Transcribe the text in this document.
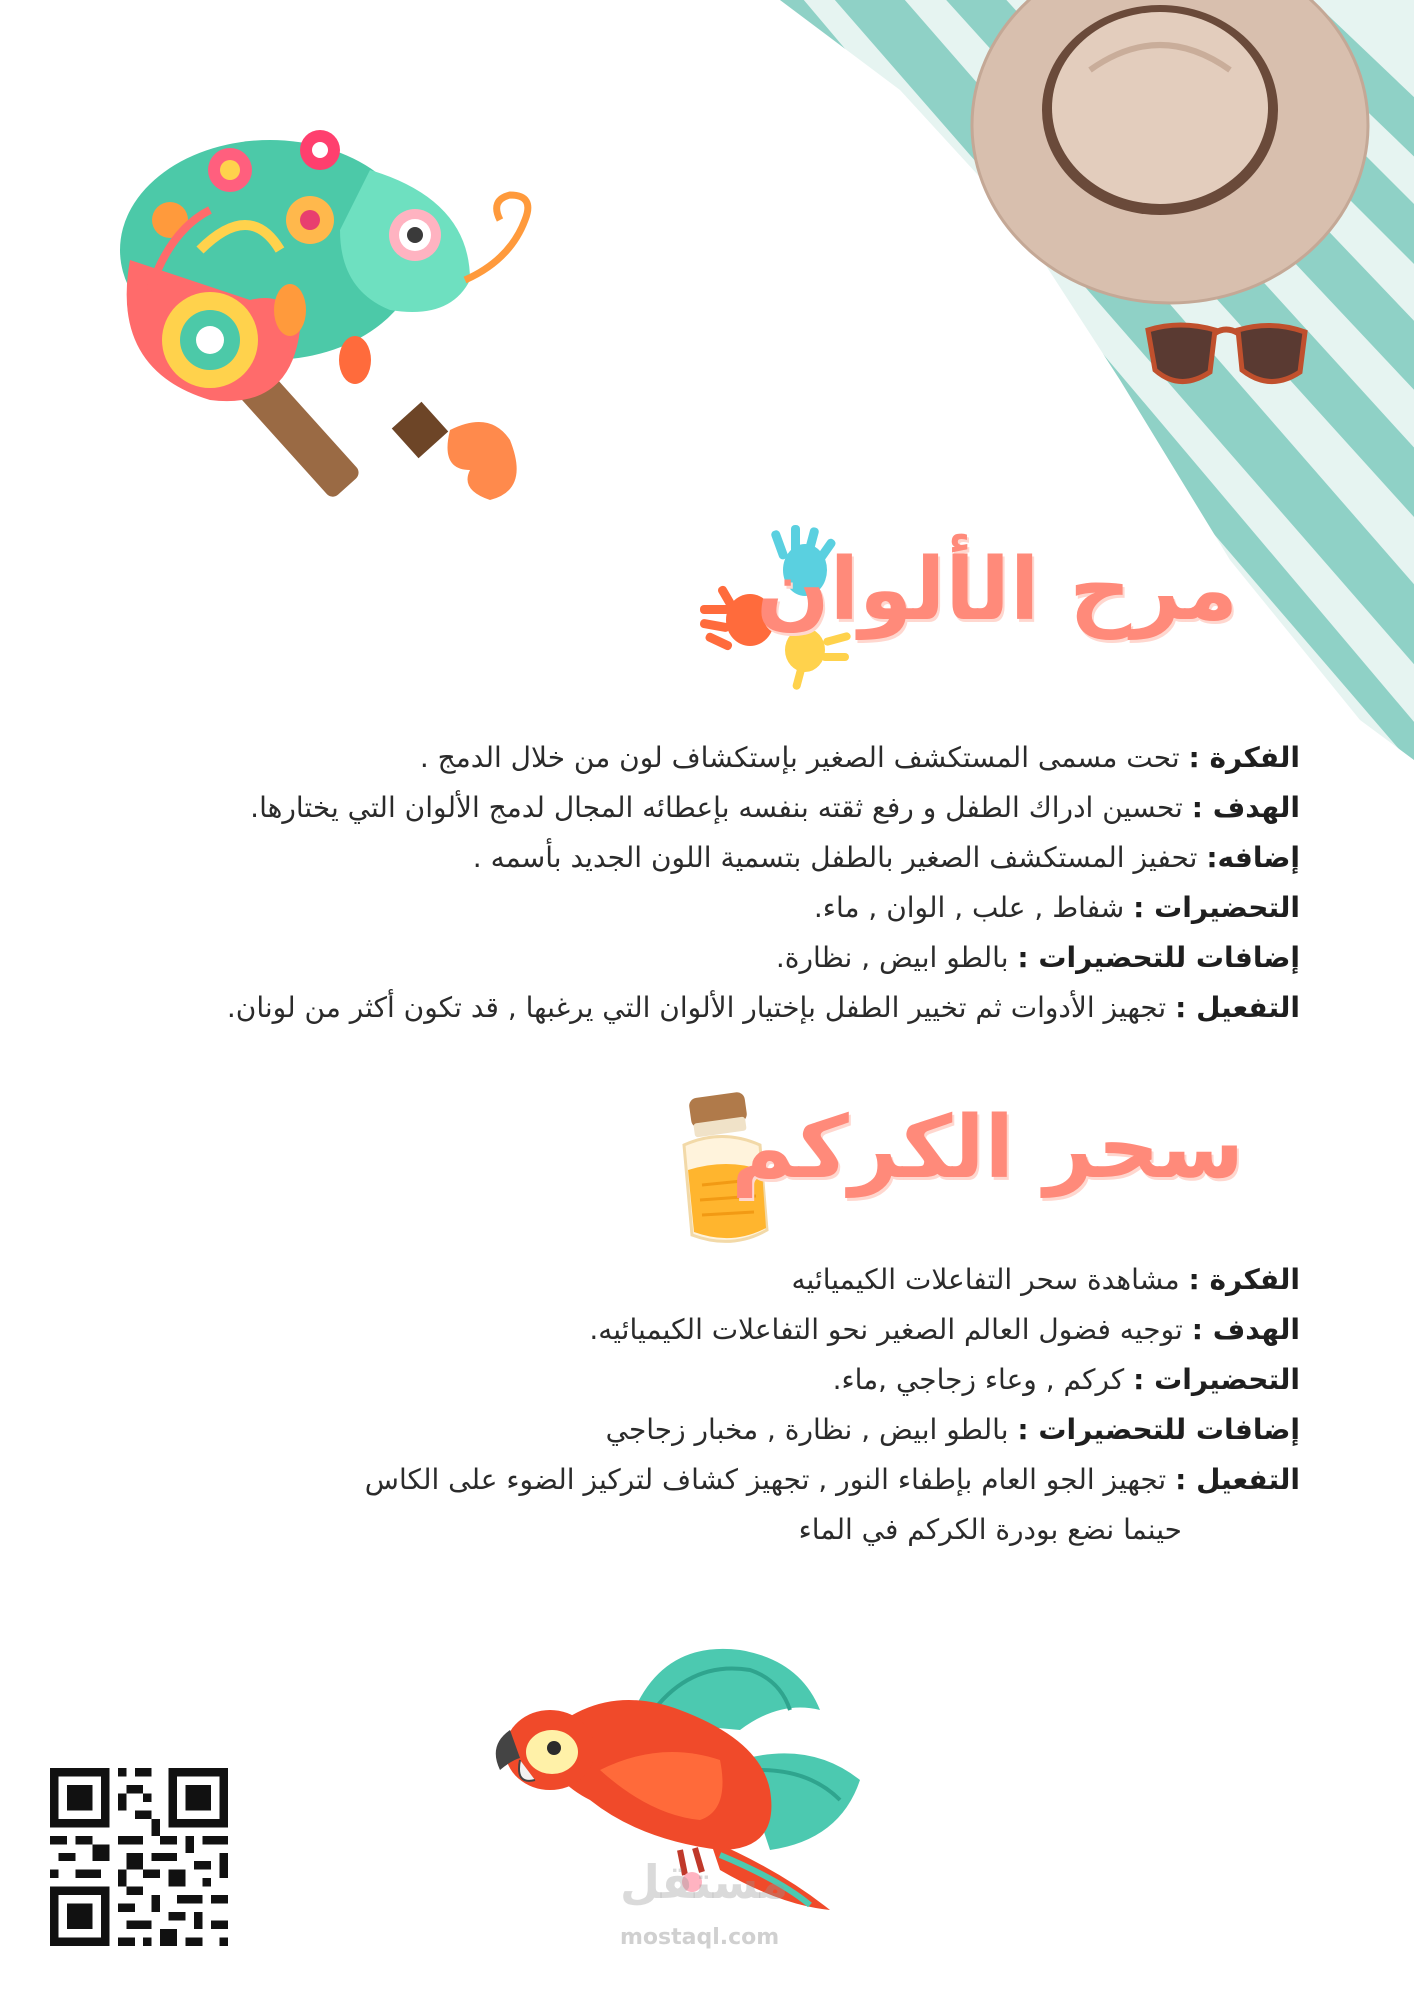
مرح الألوان
الفكرة : تحت مسمى المستكشف الصغير بإستكشاف لون من خلال الدمج .
الهدف : تحسين ادراك الطفل و رفع ثقته بنفسه بإعطائه المجال لدمج الألوان التي يختارها.
إضافه: تحفيز المستكشف الصغير بالطفل بتسمية اللون الجديد بأسمه .
التحضيرات : شفاط , علب , الوان , ماء.
إضافات للتحضيرات : بالطو ابيض , نظارة.
التفعيل : تجهيز الأدوات ثم تخيير الطفل بإختيار الألوان التي يرغبها , قد تكون أكثر من لونان.
سحر الكركم
الفكرة : مشاهدة سحر التفاعلات الكيميائيه
الهدف : توجيه فضول العالم الصغير نحو التفاعلات الكيميائيه.
التحضيرات : كركم , وعاء زجاجي ,ماء.
إضافات للتحضيرات : بالطو ابيض , نظارة , مخبار زجاجي
التفعيل : تجهيز الجو العام بإطفاء النور , تجهيز كشاف لتركيز الضوء على الكاس
حينما نضع بودرة الكركم في الماء
مستقل
mostaql.com
